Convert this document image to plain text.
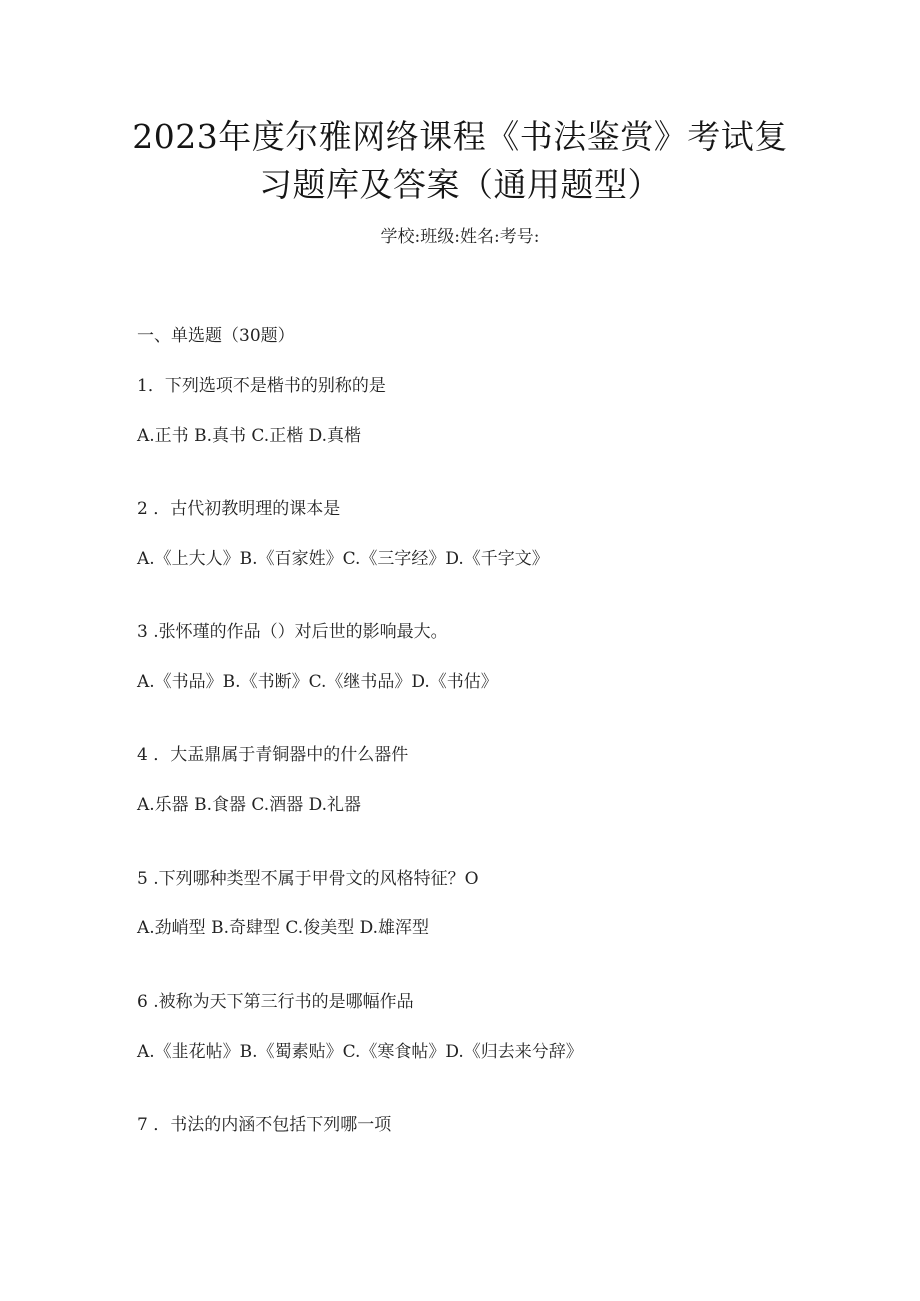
2023年度尔雅网络课程《书法鉴赏》考试复
习题库及答案（通用题型）
学校:班级:姓名:考号:
一、单选题（30题）
1．下列选项不是楷书的别称的是
A.正书 B.真书 C.正楷 D.真楷
2 ．古代初教明理的课本是
A.《上大人》B.《百家姓》C.《三字经》D.《千字文》
3 .张怀瑾的作品（）对后世的影响最大。
A.《书品》B.《书断》C.《继书品》D.《书估》
4 ．大盂鼎属于青铜器中的什么器件
A.乐器 B.食器 C.酒器 D.礼器
5 .下列哪种类型不属于甲骨文的风格特征？O
A.劲峭型 B.奇肆型 C.俊美型 D.雄浑型
6 .被称为天下第三行书的是哪幅作品
A.《韭花帖》B.《蜀素贴》C.《寒食帖》D.《归去来兮辞》
7 ．书法的内涵不包括下列哪一项
